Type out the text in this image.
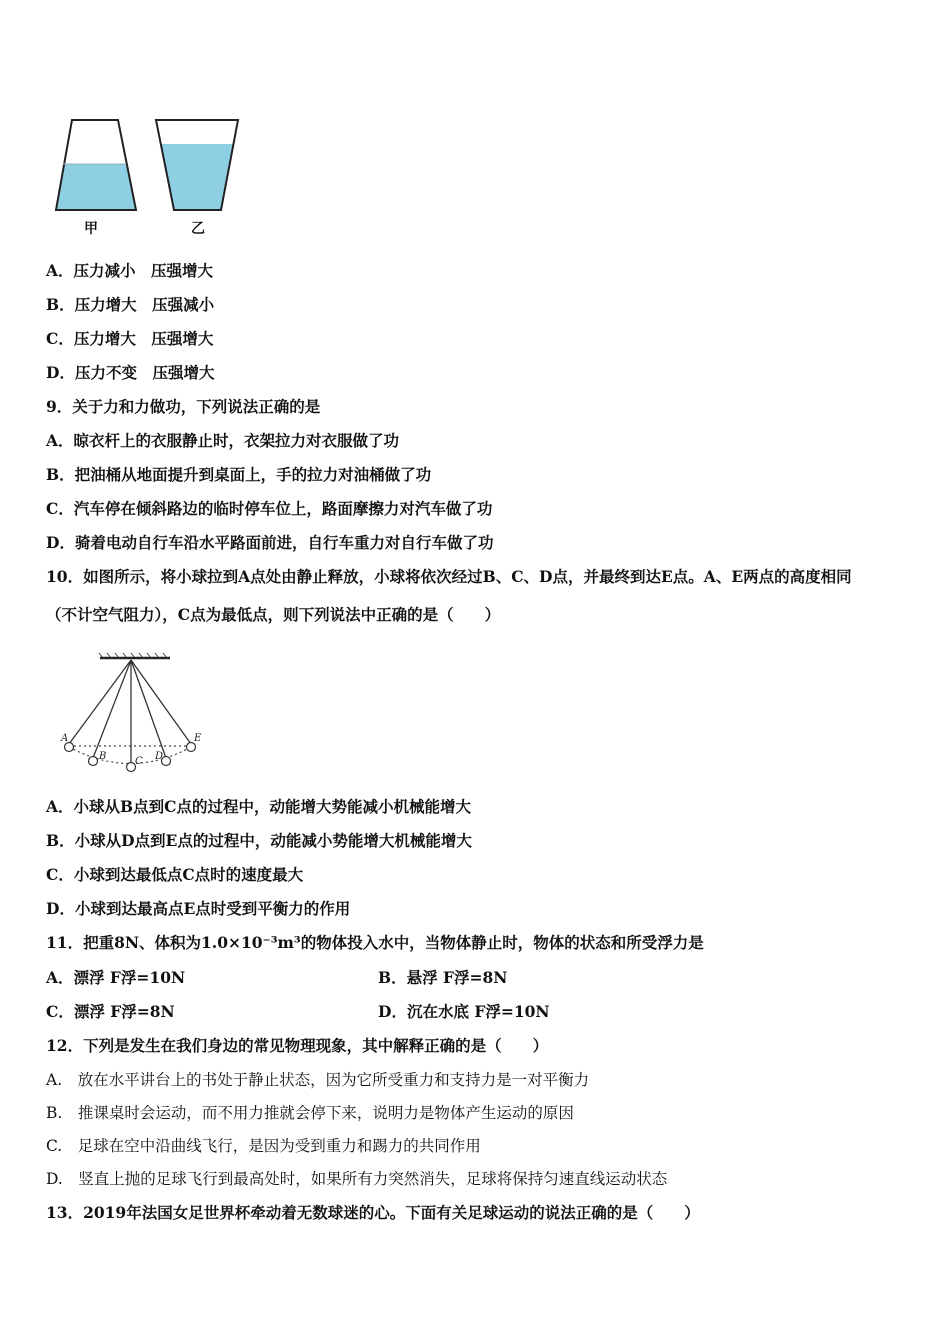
甲	乙
A．压力减小　压强增大
B．压力增大　压强减小
C．压力增大　压强增大
D．压力不变　压强增大
9．关于力和力做功，下列说法正确的是
A．晾衣杆上的衣服静止时，衣架拉力对衣服做了功
B．把油桶从地面提升到桌面上，手的拉力对油桶做了功
C．汽车停在倾斜路边的临时停车位上，路面摩擦力对汽车做了功
D．骑着电动自行车沿水平路面前进，自行车重力对自行车做了功
10．如图所示，将小球拉到A点处由静止释放，小球将依次经过B、C、D点，并最终到达E点。A、E两点的高度相同
（不计空气阻力），C点为最低点，则下列说法中正确的是（　　）
A
B	C D
E
A．小球从B点到C点的过程中，动能增大势能减小机械能增大
B．小球从D点到E点的过程中，动能减小势能增大机械能增大
C．小球到达最低点C点时的速度最大
D．小球到达最高点E点时受到平衡力的作用
11．把重8N、体积为1.0×10⁻³m³的物体投入水中，当物体静止时，物体的状态和所受浮力是
A．漂浮 F浮=10N	B．悬浮 F浮=8N
C．漂浮 F浮=8N	D．沉在水底 F浮=10N
12．下列是发生在我们身边的常见物理现象，其中解释正确的是（　　）
A.　放在水平讲台上的书处于静止状态，因为它所受重力和支持力是一对平衡力
B.　推课桌时会运动，而不用力推就会停下来，说明力是物体产生运动的原因
C.　足球在空中沿曲线飞行，是因为受到重力和踢力的共同作用
D.　竖直上抛的足球飞行到最高处时，如果所有力突然消失，足球将保持匀速直线运动状态
13．2019年法国女足世界杯牵动着无数球迷的心。下面有关足球运动的说法正确的是（　　）
